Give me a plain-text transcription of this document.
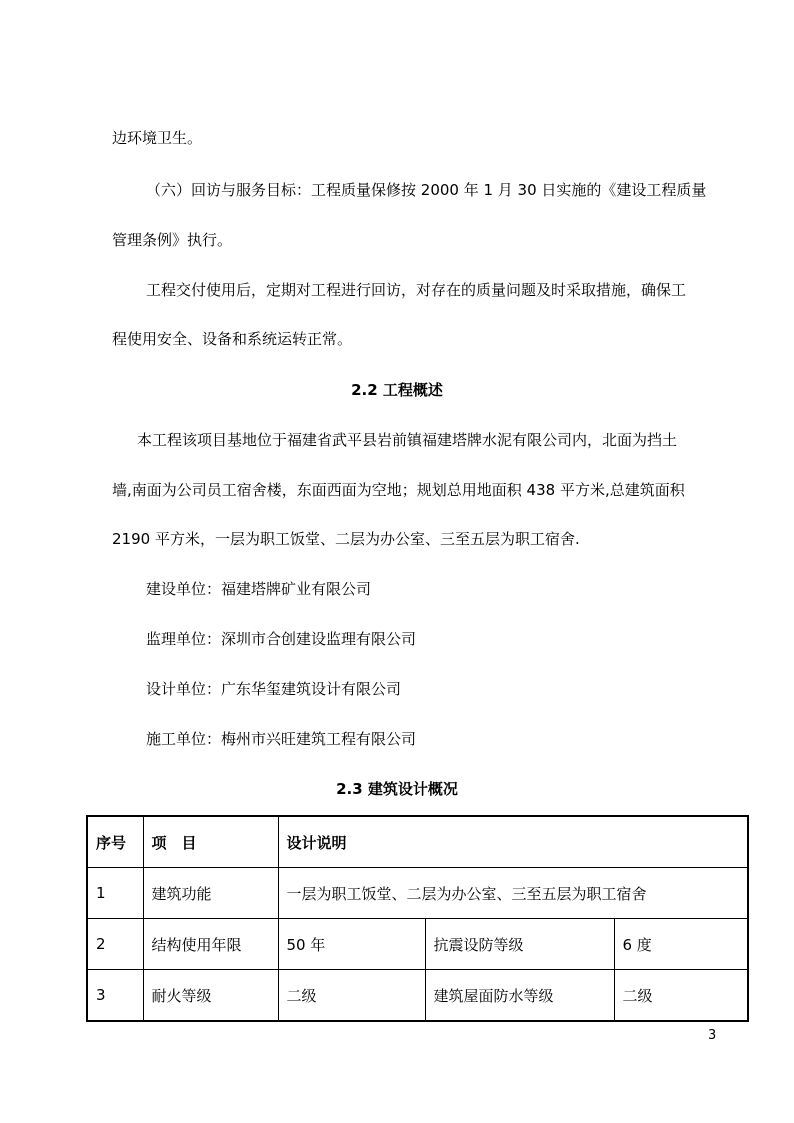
边环境卫生。
（六）回访与服务目标：工程质量保修按 2000 年 1 月 30 日实施的《建设工程质量
管理条例》执行。
工程交付使用后，定期对工程进行回访，对存在的质量问题及时采取措施，确保工
程使用安全、设备和系统运转正常。
2.2 工程概述
本工程该项目基地位于福建省武平县岩前镇福建塔牌水泥有限公司内，北面为挡土
墙,南面为公司员工宿舍楼，东面西面为空地；规划总用地面积 438 平方米,总建筑面积
2190 平方米，一层为职工饭堂、二层为办公室、三至五层为职工宿舍.
建设单位：福建塔牌矿业有限公司
监理单位：深圳市合创建设监理有限公司
设计单位：广东华玺建筑设计有限公司
施工单位：梅州市兴旺建筑工程有限公司
2.3 建筑设计概况
序号	项　目	设计说明		
1	建筑功能	一层为职工饭堂、二层为办公室、三至五层为职工宿舍		
2	结构使用年限	50 年	抗震设防等级	6 度
3	耐火等级	二级	建筑屋面防水等级	二级
3
